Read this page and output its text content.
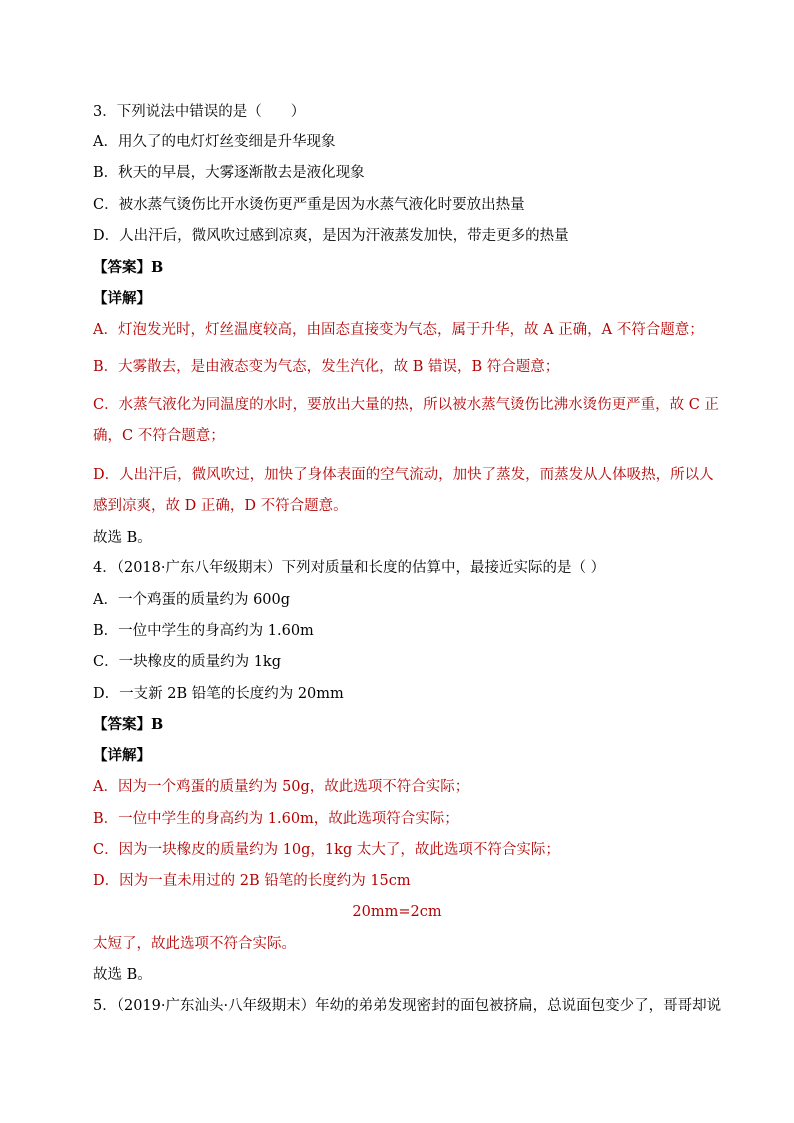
3．下列说法中错误的是（　　）
A．用久了的电灯灯丝变细是升华现象
B．秋天的早晨，大雾逐渐散去是液化现象
C．被水蒸气烫伤比开水烫伤更严重是因为水蒸气液化时要放出热量
D．人出汗后，微风吹过感到凉爽，是因为汗液蒸发加快，带走更多的热量
【答案】B
【详解】
A．灯泡发光时，灯丝温度较高，由固态直接变为气态，属于升华，故 A 正确，A 不符合题意；
B．大雾散去，是由液态变为气态，发生汽化，故 B 错误，B 符合题意；
C．水蒸气液化为同温度的水时，要放出大量的热，所以被水蒸气烫伤比沸水烫伤更严重，故 C 正
确，C 不符合题意；
D．人出汗后，微风吹过，加快了身体表面的空气流动，加快了蒸发，而蒸发从人体吸热，所以人
感到凉爽，故 D 正确，D 不符合题意。
故选 B。
4．（2018·广东八年级期末）下列对质量和长度的估算中，最接近实际的是（ ）
A．一个鸡蛋的质量约为 600g
B．一位中学生的身高约为 1.60m
C．一块橡皮的质量约为 1kg
D．一支新 2B 铅笔的长度约为 20mm
【答案】B
【详解】
A．因为一个鸡蛋的质量约为 50g，故此选项不符合实际；
B．一位中学生的身高约为 1.60m，故此选项符合实际；
C．因为一块橡皮的质量约为 10g，1kg 太大了，故此选项不符合实际；
D．因为一直未用过的 2B 铅笔的长度约为 15cm
20mm=2cm
太短了，故此选项不符合实际。
故选 B。
5．（2019·广东汕头·八年级期末）年幼的弟弟发现密封的面包被挤扁，总说面包变少了，哥哥却说
